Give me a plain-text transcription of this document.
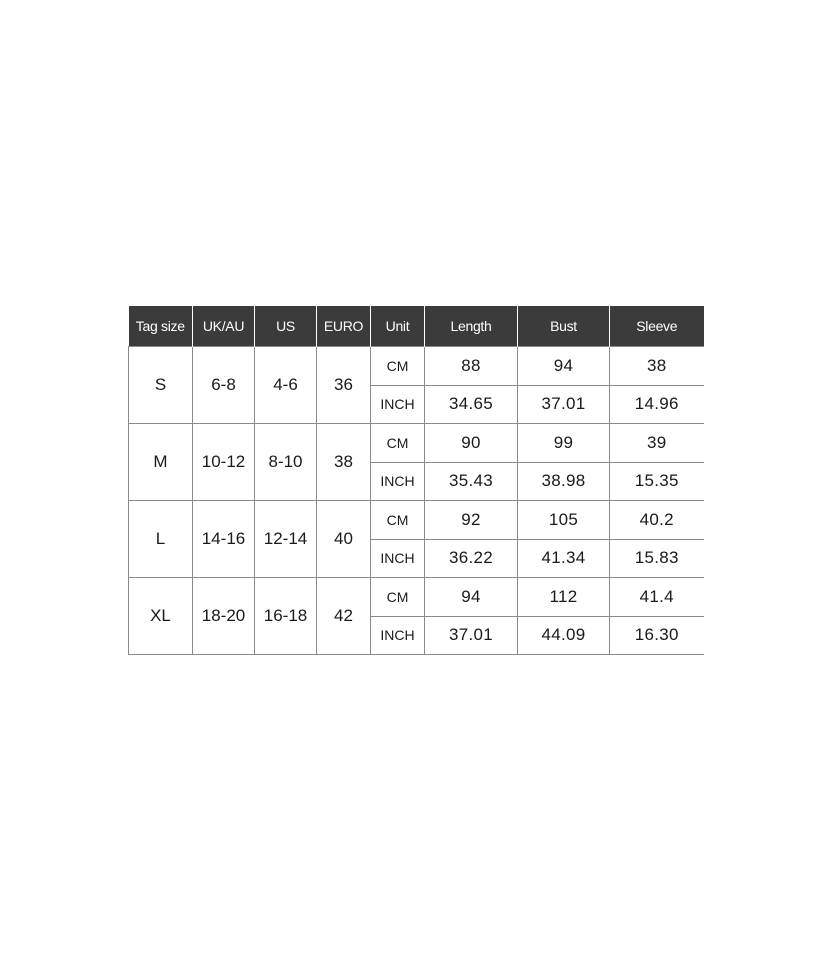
Tag size	UK/AU	US	EURO	Unit	Length	Bust	Sleeve
S	6-8	4-6	36	CM	88	94	38
				INCH	34.65	37.01	14.96
M	10-12	8-10	38	CM	90	99	39
				INCH	35.43	38.98	15.35
L	14-16	12-14	40	CM	92	105	40.2
				INCH	36.22	41.34	15.83
XL	18-20	16-18	42	CM	94	112	41.4
				INCH	37.01	44.09	16.30
